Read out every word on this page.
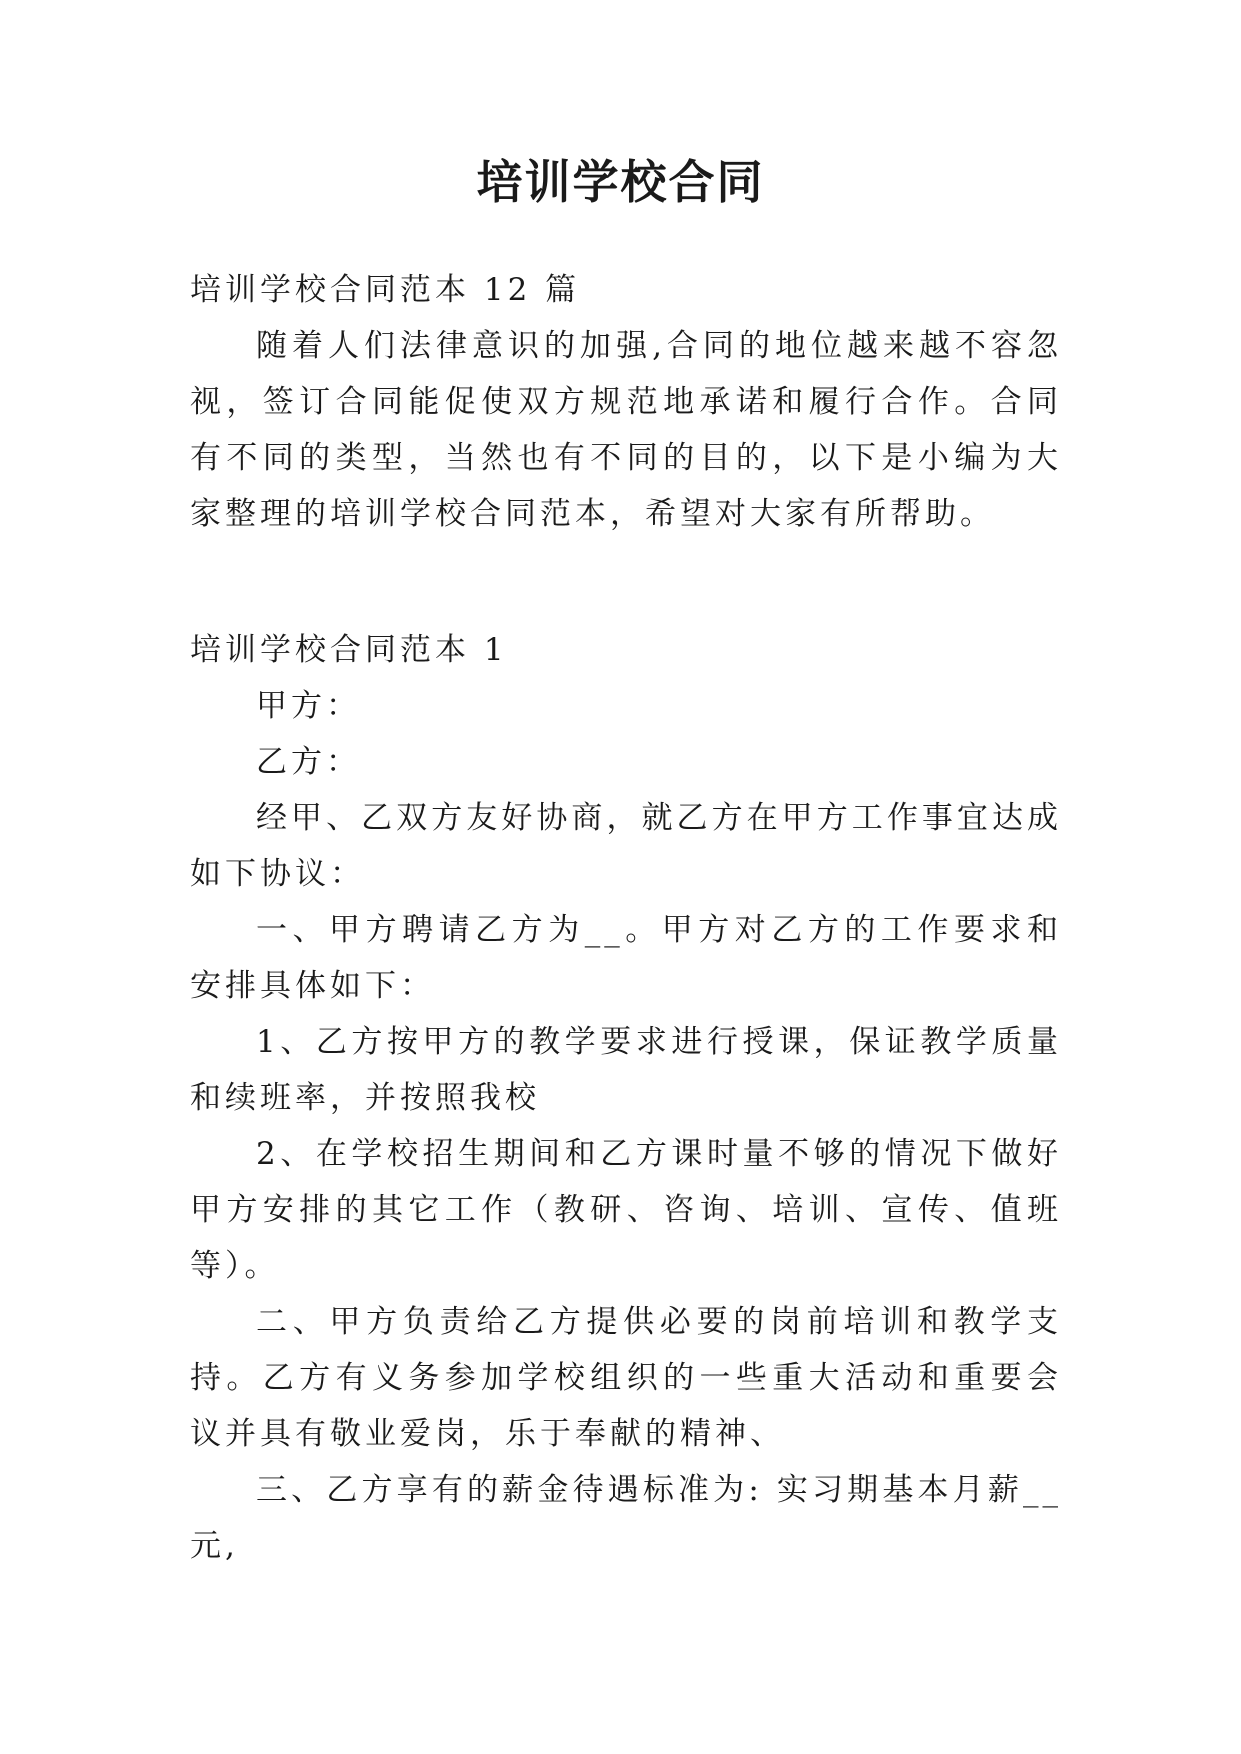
培训学校合同

培训学校合同范本 12 篇

随着人们法律意识的加强,合同的地位越来越不容忽视，签订合同能促使双方规范地承诺和履行合作。合同有不同的类型，当然也有不同的目的，以下是小编为大家整理的培训学校合同范本，希望对大家有所帮助。

培训学校合同范本 1

甲方：

乙方：

经甲、乙双方友好协商，就乙方在甲方工作事宜达成如下协议：

一、甲方聘请乙方为__。甲方对乙方的工作要求和安排具体如下：

1、乙方按甲方的教学要求进行授课，保证教学质量和续班率，并按照我校

2、在学校招生期间和乙方课时量不够的情况下做好甲方安排的其它工作（教研、咨询、培训、宣传、值班等）。

二、甲方负责给乙方提供必要的岗前培训和教学支持。乙方有义务参加学校组织的一些重大活动和重要会议并具有敬业爱岗，乐于奉献的精神、

三、乙方享有的薪金待遇标准为: 实习期基本月薪__元,
